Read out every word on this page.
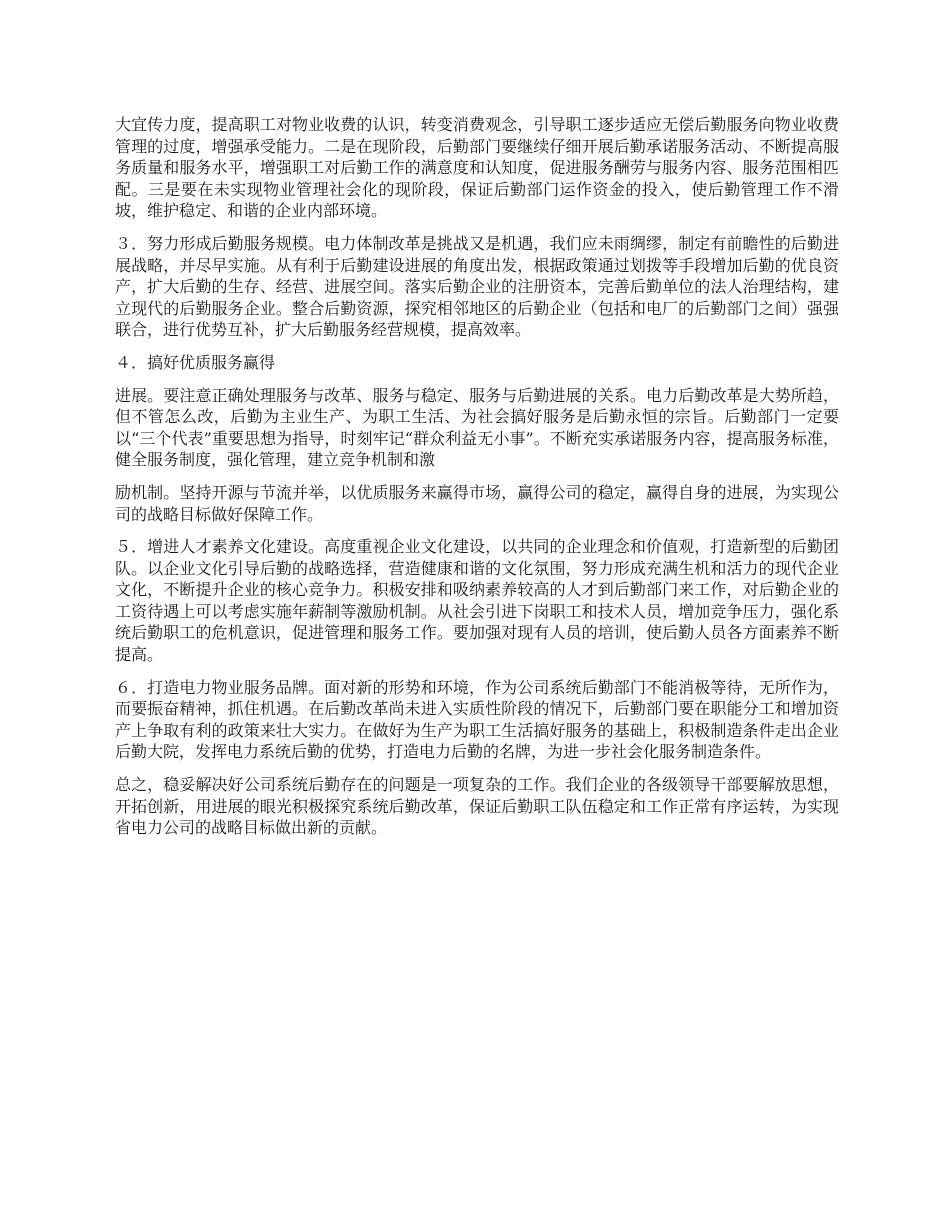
大宜传力度，提高职工对物业收费的认识，转变消费观念，引导职工逐步适应无偿后勤服务向物业收费管理的过度，增强承受能力。二是在现阶段，后勤部门要继续仔细开展后勤承诺服务活动、不断提高服务质量和服务水平，增强职工对后勤工作的满意度和认知度，促进服务酬劳与服务内容、服务范围相匹配。三是要在未实现物业管理社会化的现阶段，保证后勤部门运作资金的投入，使后勤管理工作不滑坡，维护稳定、和谐的企业内部环境。

３．努力形成后勤服务规模。电力体制改革是挑战又是机遇，我们应未雨绸缪，制定有前瞻性的后勤进展战略，并尽早实施。从有利于后勤建设进展的角度出发，根据政策通过划拨等手段增加后勤的优良资产，扩大后勤的生存、经营、进展空间。落实后勤企业的注册资本，完善后勤单位的法人治理结构，建立现代的后勤服务企业。整合后勤资源，探究相邻地区的后勤企业（包括和电厂的后勤部门之间）强强联合，进行优势互补，扩大后勤服务经营规模，提高效率。

４．搞好优质服务赢得

进展。要注意正确处理服务与改革、服务与稳定、服务与后勤进展的关系。电力后勤改革是大势所趋，但不管怎么改，后勤为主业生产、为职工生活、为社会搞好服务是后勤永恒的宗旨。后勤部门一定要以“三个代表”重要思想为指导，时刻牢记“群众利益无小事”。不断充实承诺服务内容，提高服务标准，健全服务制度，强化管理，建立竞争机制和激

励机制。坚持开源与节流并举，以优质服务来赢得市场，赢得公司的稳定，赢得自身的进展，为实现公司的战略目标做好保障工作。

５．增进人才素养文化建设。高度重视企业文化建设，以共同的企业理念和价值观，打造新型的后勤团队。以企业文化引导后勤的战略选择，营造健康和谐的文化氛围，努力形成充满生机和活力的现代企业文化，不断提升企业的核心竞争力。积极安排和吸纳素养较高的人才到后勤部门来工作，对后勤企业的工资待遇上可以考虑实施年薪制等激励机制。从社会引进下岗职工和技术人员，增加竞争压力，强化系统后勤职工的危机意识，促进管理和服务工作。要加强对现有人员的培训，使后勤人员各方面素养不断提高。

６．打造电力物业服务品牌。面对新的形势和环境，作为公司系统后勤部门不能消极等待，无所作为，而要振奋精神，抓住机遇。在后勤改革尚未进入实质性阶段的情况下，后勤部门要在职能分工和增加资产上争取有利的政策来壮大实力。在做好为生产为职工生活搞好服务的基础上，积极制造条件走出企业后勤大院，发挥电力系统后勤的优势，打造电力后勤的名牌，为进一步社会化服务制造条件。

总之，稳妥解决好公司系统后勤存在的问题是一项复杂的工作。我们企业的各级领导干部要解放思想，开拓创新，用进展的眼光积极探究系统后勤改革，保证后勤职工队伍稳定和工作正常有序运转，为实现省电力公司的战略目标做出新的贡献。
